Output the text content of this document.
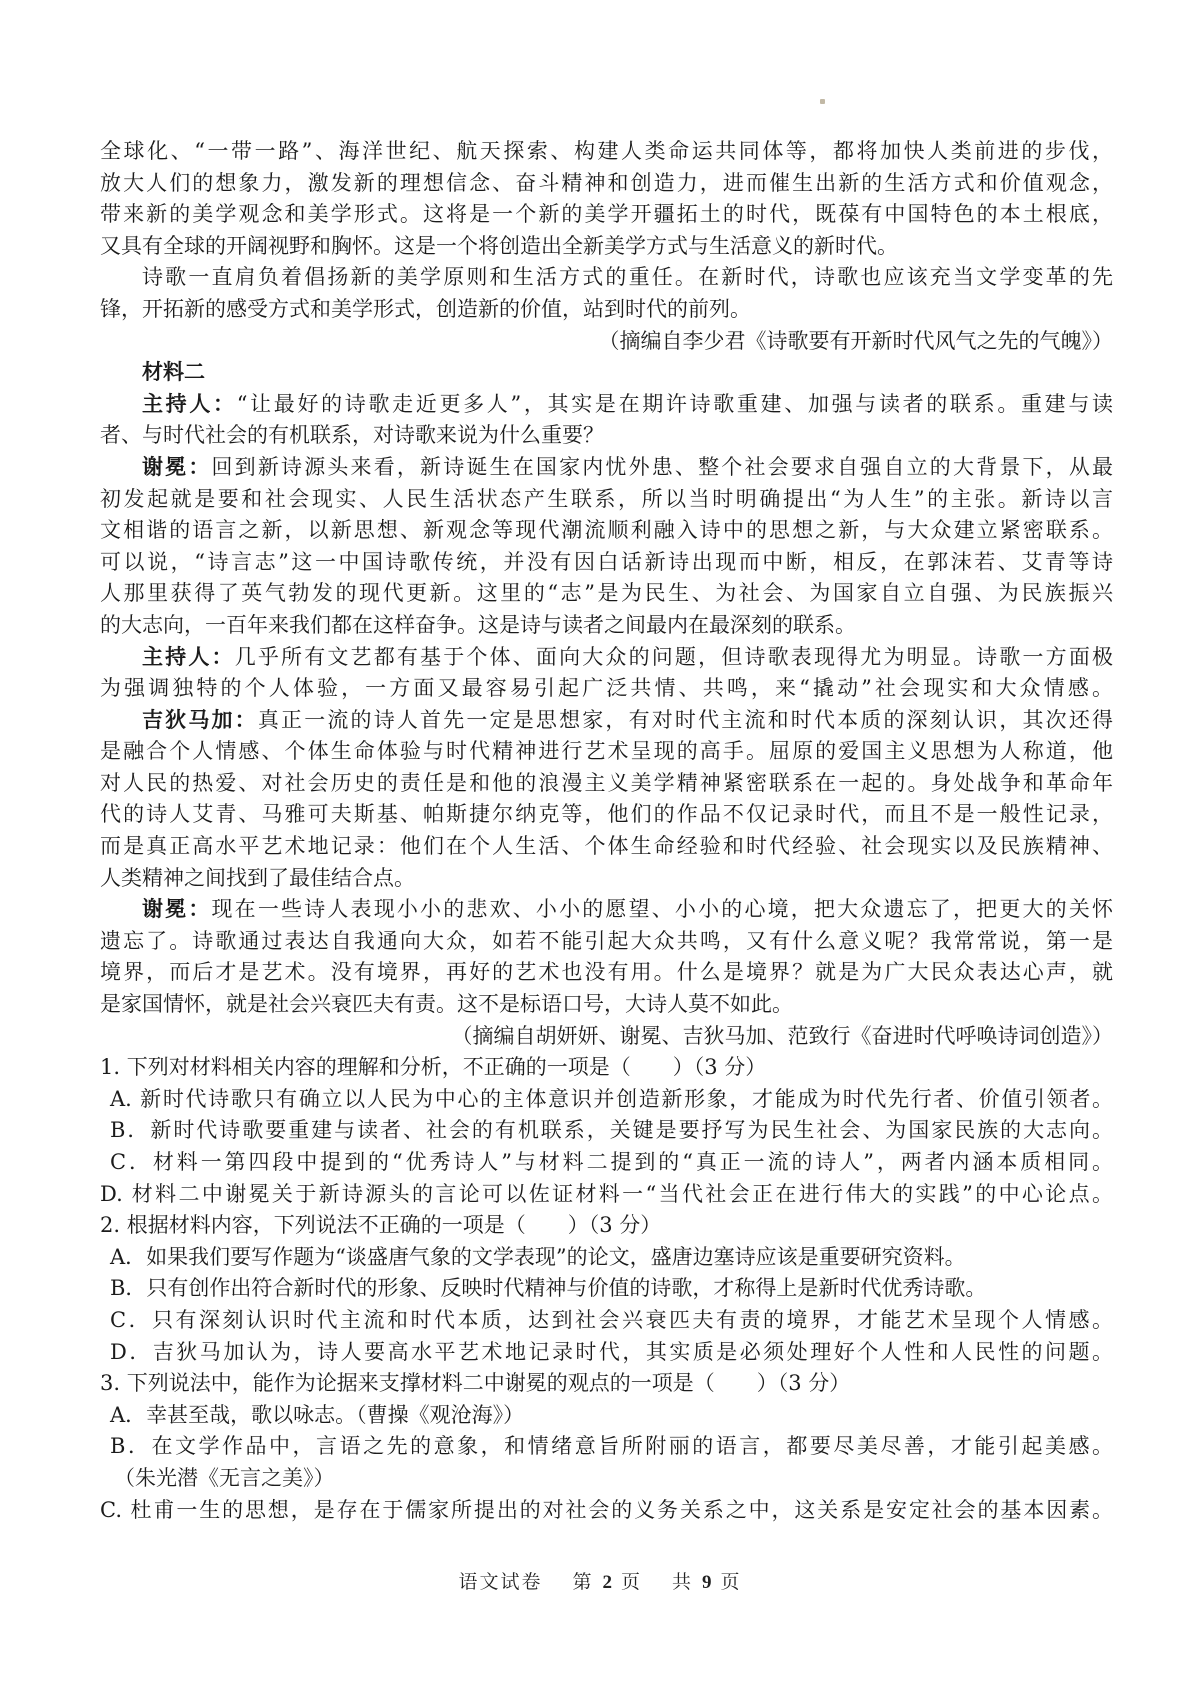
全球化、“一带一路”、海洋世纪、航天探索、构建人类命运共同体等，都将加快人类前进的步伐，
放大人们的想象力，激发新的理想信念、奋斗精神和创造力，进而催生出新的生活方式和价值观念，
带来新的美学观念和美学形式。这将是一个新的美学开疆拓土的时代，既葆有中国特色的本土根底，
又具有全球的开阔视野和胸怀。这是一个将创造出全新美学方式与生活意义的新时代。
诗歌一直肩负着倡扬新的美学原则和生活方式的重任。在新时代，诗歌也应该充当文学变革的先
锋，开拓新的感受方式和美学形式，创造新的价值，站到时代的前列。
（摘编自李少君《诗歌要有开新时代风气之先的气魄》）
材料二
主持人：“让最好的诗歌走近更多人”，其实是在期许诗歌重建、加强与读者的联系。重建与读
者、与时代社会的有机联系，对诗歌来说为什么重要？
谢冕：回到新诗源头来看，新诗诞生在国家内忧外患、整个社会要求自强自立的大背景下，从最
初发起就是要和社会现实、人民生活状态产生联系，所以当时明确提出“为人生”的主张。新诗以言
文相谐的语言之新，以新思想、新观念等现代潮流顺利融入诗中的思想之新，与大众建立紧密联系。
可以说，“诗言志”这一中国诗歌传统，并没有因白话新诗出现而中断，相反，在郭沫若、艾青等诗
人那里获得了英气勃发的现代更新。这里的“志”是为民生、为社会、为国家自立自强、为民族振兴
的大志向，一百年来我们都在这样奋争。这是诗与读者之间最内在最深刻的联系。
主持人：几乎所有文艺都有基于个体、面向大众的问题，但诗歌表现得尤为明显。诗歌一方面极
为强调独特的个人体验，一方面又最容易引起广泛共情、共鸣，来“撬动”社会现实和大众情感。
吉狄马加：真正一流的诗人首先一定是思想家，有对时代主流和时代本质的深刻认识，其次还得
是融合个人情感、个体生命体验与时代精神进行艺术呈现的高手。屈原的爱国主义思想为人称道，他
对人民的热爱、对社会历史的责任是和他的浪漫主义美学精神紧密联系在一起的。身处战争和革命年
代的诗人艾青、马雅可夫斯基、帕斯捷尔纳克等，他们的作品不仅记录时代，而且不是一般性记录，
而是真正高水平艺术地记录：他们在个人生活、个体生命经验和时代经验、社会现实以及民族精神、
人类精神之间找到了最佳结合点。
谢冕：现在一些诗人表现小小的悲欢、小小的愿望、小小的心境，把大众遗忘了，把更大的关怀
遗忘了。诗歌通过表达自我通向大众，如若不能引起大众共鸣，又有什么意义呢？我常常说，第一是
境界，而后才是艺术。没有境界，再好的艺术也没有用。什么是境界？就是为广大民众表达心声，就
是家国情怀，就是社会兴衰匹夫有责。这不是标语口号，大诗人莫不如此。
（摘编自胡妍妍、谢冕、吉狄马加、范致行《奋进时代呼唤诗词创造》）
1. 下列对材料相关内容的理解和分析，不正确的一项是（　　）（3 分）
A. 新时代诗歌只有确立以人民为中心的主体意识并创造新形象，才能成为时代先行者、价值引领者。
B．新时代诗歌要重建与读者、社会的有机联系，关键是要抒写为民生社会、为国家民族的大志向。
C．材料一第四段中提到的“优秀诗人”与材料二提到的“真正一流的诗人”，两者内涵本质相同。
D. 材料二中谢冕关于新诗源头的言论可以佐证材料一“当代社会正在进行伟大的实践”的中心论点。
2. 根据材料内容，下列说法不正确的一项是（　　）（3 分）
A．如果我们要写作题为“谈盛唐气象的文学表现”的论文，盛唐边塞诗应该是重要研究资料。
B．只有创作出符合新时代的形象、反映时代精神与价值的诗歌，才称得上是新时代优秀诗歌。
C．只有深刻认识时代主流和时代本质，达到社会兴衰匹夫有责的境界，才能艺术呈现个人情感。
D．吉狄马加认为，诗人要高水平艺术地记录时代，其实质是必须处理好个人性和人民性的问题。
3. 下列说法中，能作为论据来支撑材料二中谢冕的观点的一项是（　　）（3 分）
A．幸甚至哉，歌以咏志。（曹操《观沧海》）
B．在文学作品中，言语之先的意象，和情绪意旨所附丽的语言，都要尽美尽善，才能引起美感。
（朱光潜《无言之美》）
C. 杜甫一生的思想，是存在于儒家所提出的对社会的义务关系之中，这关系是安定社会的基本因素。
语文试卷 第 2 页 共 9 页
